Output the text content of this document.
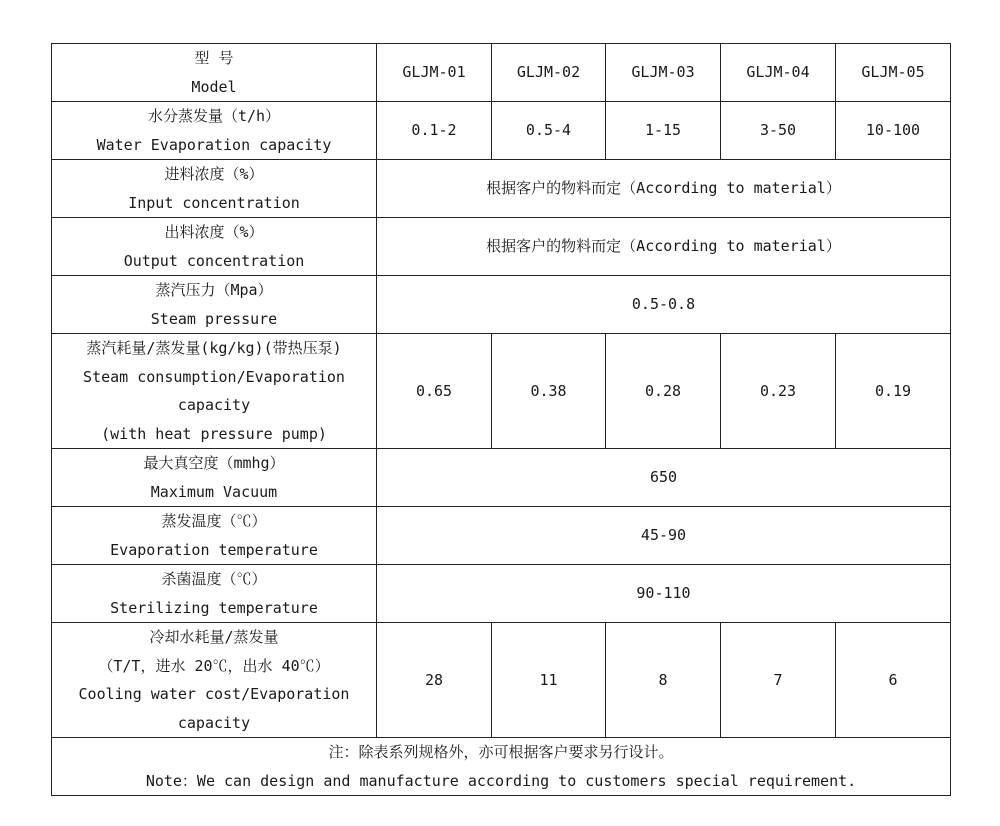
型 号
Model	GLJM-01	GLJM-02	GLJM-03	GLJM-04	GLJM-05

水分蒸发量（t/h）
Water Evaporation capacity	0.1-2	0.5-4	1-15	3-50	10-100

进料浓度（%）
Input concentration	根据客户的物料而定（According to material）				

出料浓度（%）
Output concentration	根据客户的物料而定（According to material）				

蒸汽压力（Mpa）
Steam pressure	0.5-0.8				

蒸汽耗量/蒸发量(kg/kg)(带热压泵)
Steam consumption/Evaporation
capacity
(with heat pressure pump)	0.65	0.38	0.28	0.23	0.19

最大真空度（mmhg）
Maximum Vacuum	650				

蒸发温度（℃）
Evaporation temperature	45-90				

杀菌温度（℃）
Sterilizing temperature	90-110				

冷却水耗量/蒸发量
（T/T，进水 20℃，出水 40℃）
Cooling water cost/Evaporation
capacity	28	11	8	7	6

注：除表系列规格外，亦可根据客户要求另行设计。
Note：We can design and manufacture according to customers special requirement.					
